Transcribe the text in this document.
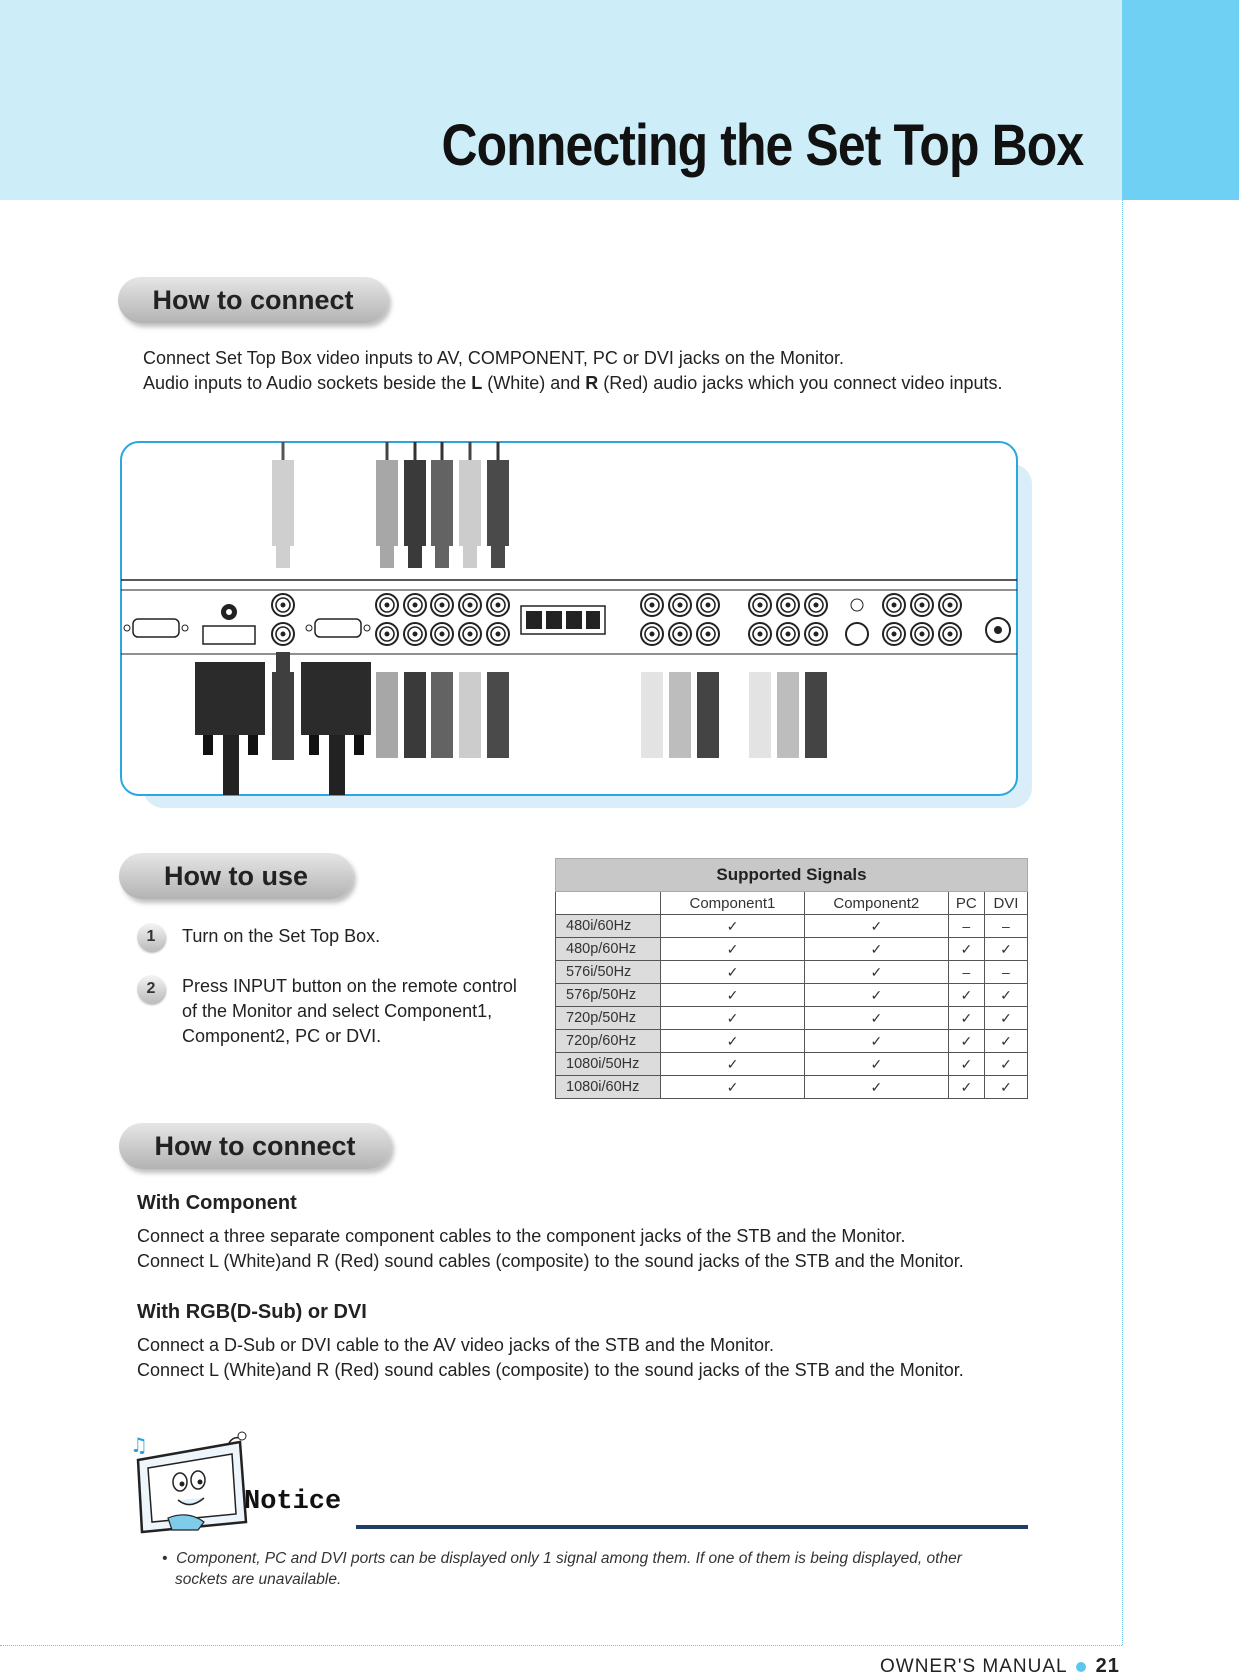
Connecting the Set Top Box
How to connect
Connect Set Top Box video inputs to AV, COMPONENT, PC or DVI jacks on the Monitor.
Audio inputs to Audio sockets beside the L (White) and R (Red) audio jacks which you connect video inputs.
How to use
1	Turn on the Set Top Box.
2	Press INPUT button on the remote control
of the Monitor and select Component1,
Component2, PC or DVI.
Supported Signals				
	Component1	Component2	PC	DVI
480i/60Hz	✓	✓	–	–
480p/60Hz	✓	✓	✓	✓
576i/50Hz	✓	✓	–	–
576p/50Hz	✓	✓	✓	✓
720p/50Hz	✓	✓	✓	✓
720p/60Hz	✓	✓	✓	✓
1080i/50Hz	✓	✓	✓	✓
1080i/60Hz	✓	✓	✓	✓
How to connect
With Component
Connect a three separate component cables to the component jacks of the STB and the Monitor.
Connect L (White)and R (Red) sound cables (composite) to the sound jacks of the STB and the Monitor.
With RGB(D-Sub) or DVI
Connect a D-Sub or DVI cable to the AV video jacks of the STB and the Monitor.
Connect L (White)and R (Red) sound cables (composite) to the sound jacks of the STB and the Monitor.
♫
Notice
• Component, PC and DVI ports can be displayed only 1 signal among them. If one of them is being displayed, other
sockets are unavailable.
OWNER'S MANUAL 21
